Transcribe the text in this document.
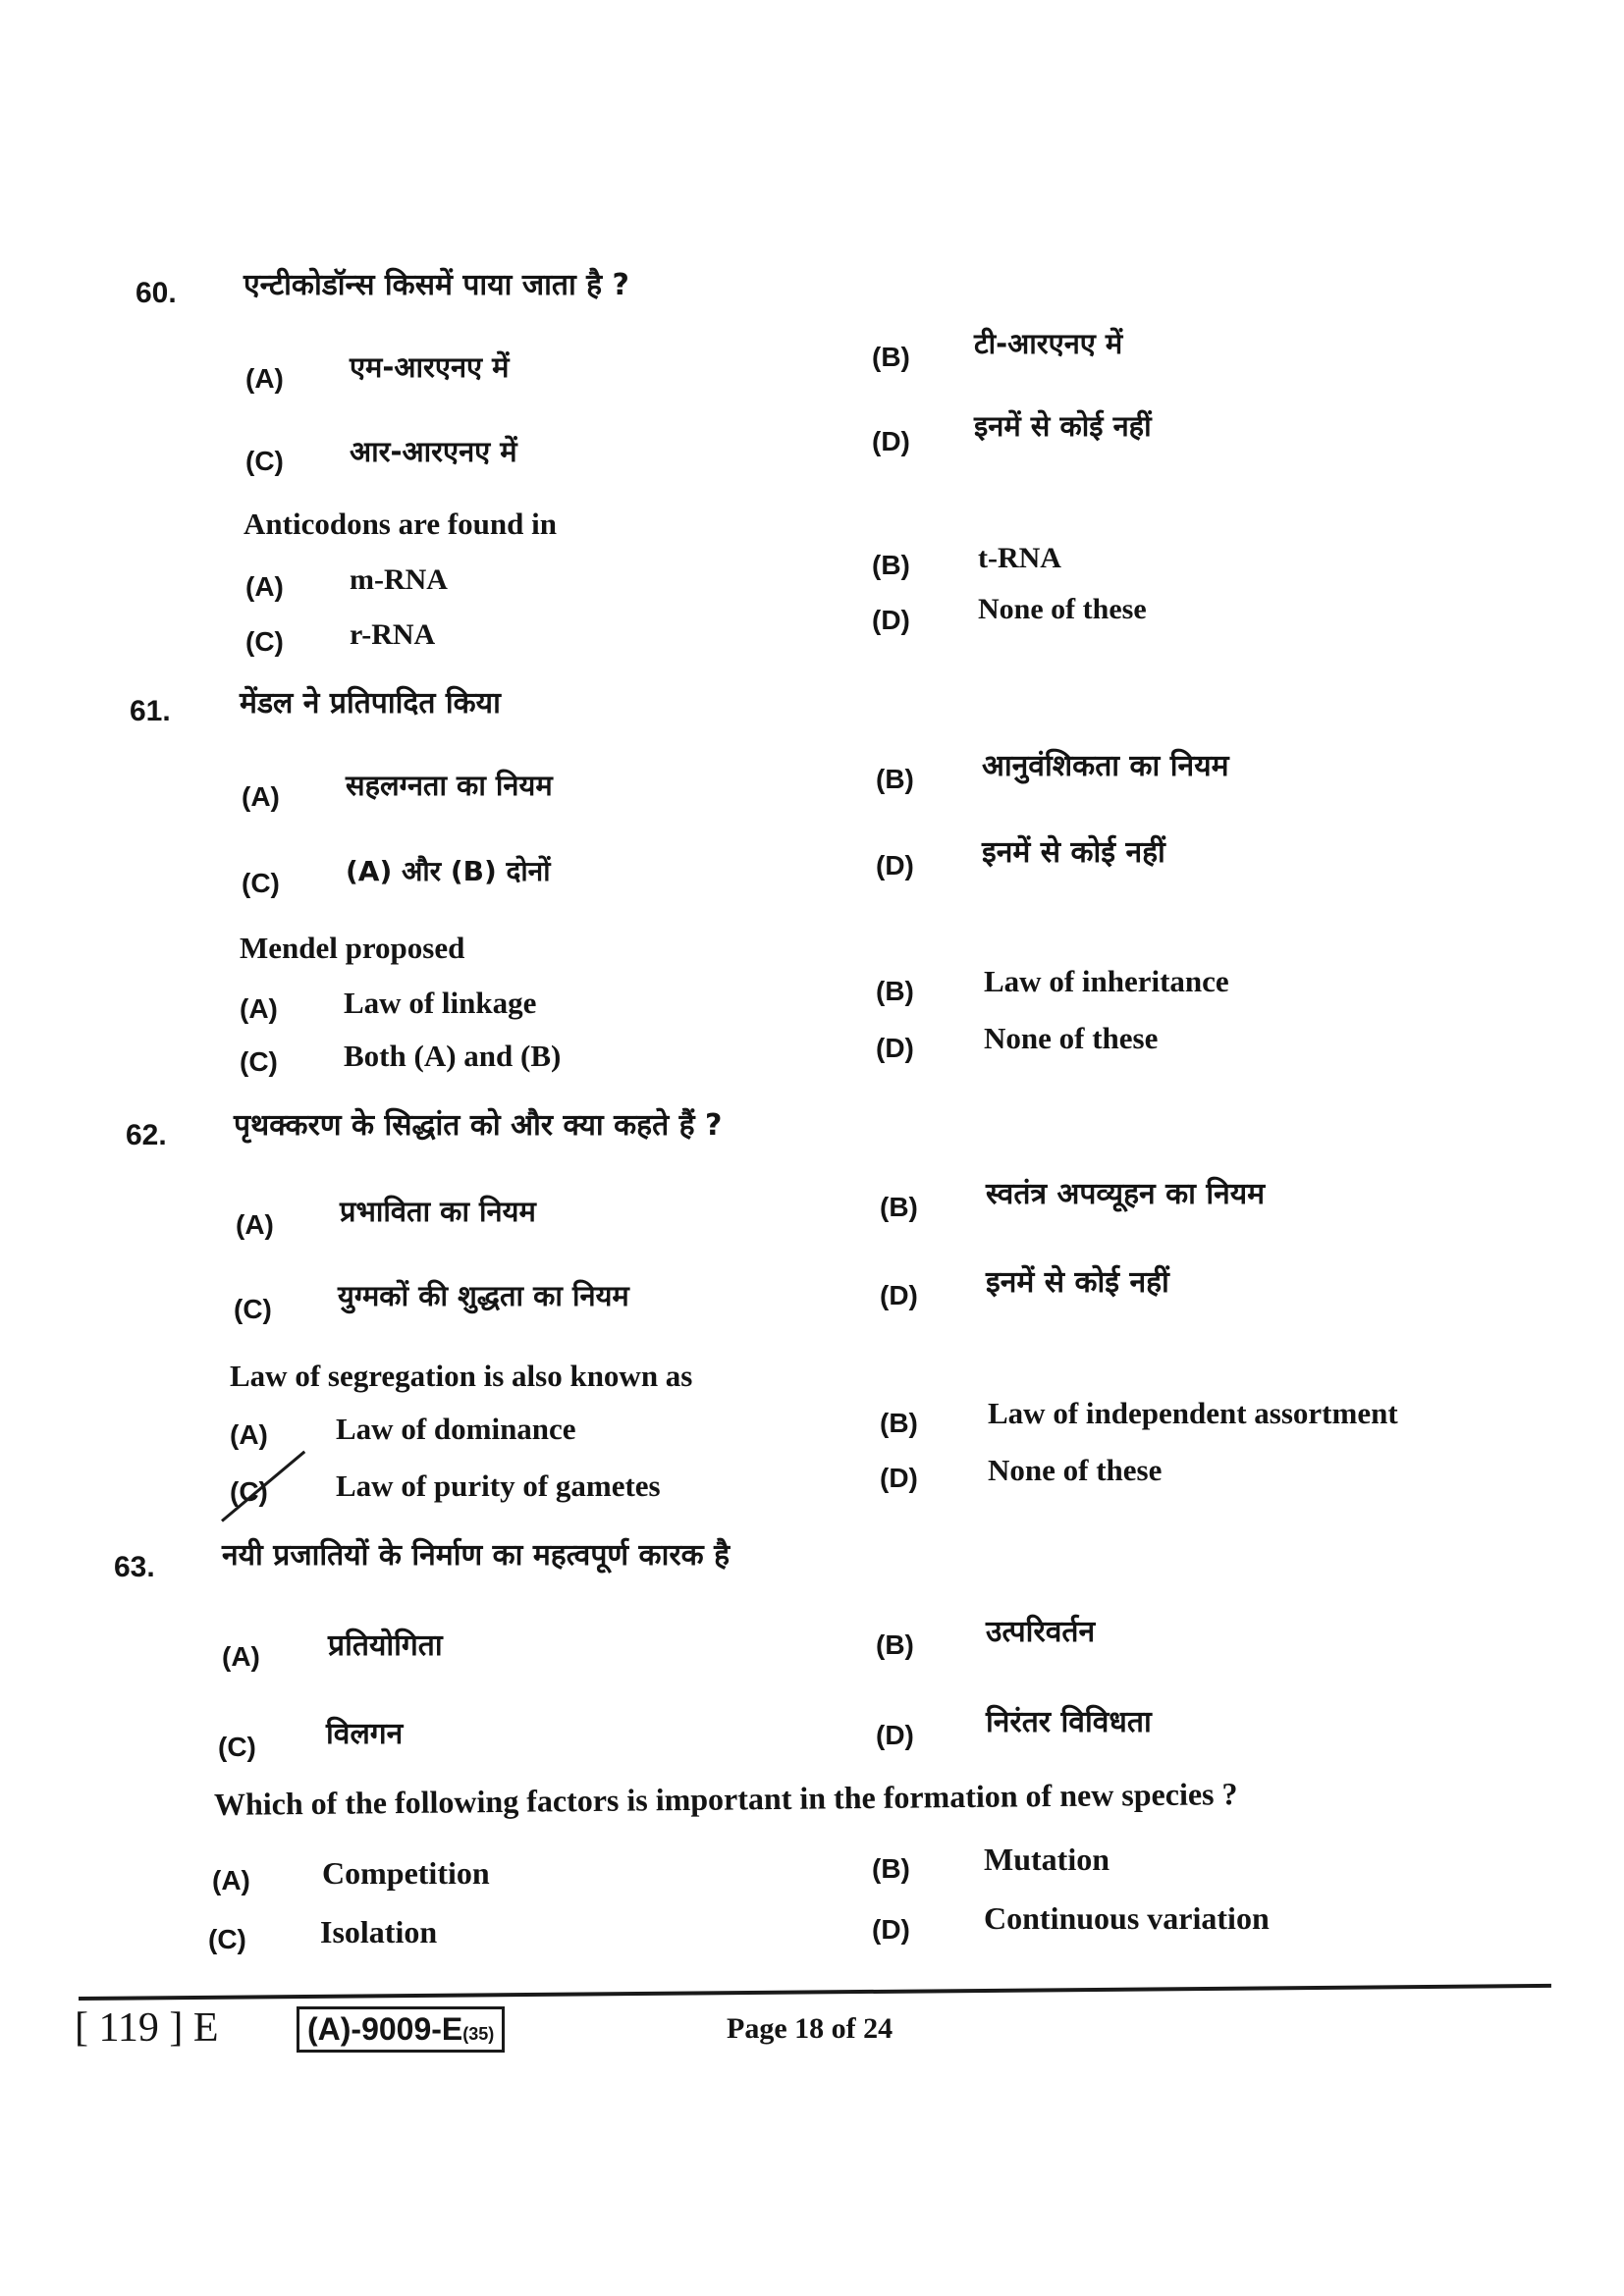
60. एन्टीकोडॉन्स किसमें पाया जाता है ?
(A) एम-आरएनए में	(B) टी-आरएनए में
(C) आर-आरएनए में	(D) इनमें से कोई नहीं
Anticodons are found in
(A) m-RNA	(B) t-RNA
(C) r-RNA	(D) None of these
61. मेंडल ने प्रतिपादित किया
(A) सहलग्नता का नियम	(B) आनुवंशिकता का नियम
(C) (A) और (B) दोनों	(D) इनमें से कोई नहीं
Mendel proposed
(A) Law of linkage	(B) Law of inheritance
(C) Both (A) and (B)	(D) None of these
62. पृथक्करण के सिद्धांत को और क्या कहते हैं ?
(A) प्रभाविता का नियम	(B) स्वतंत्र अपव्यूहन का नियम
(C) युग्मकों की शुद्धता का नियम	(D) इनमें से कोई नहीं
Law of segregation is also known as
(A) Law of dominance	(B) Law of independent assortment
(C) Law of purity of gametes	(D) None of these
63. नयी प्रजातियों के निर्माण का महत्वपूर्ण कारक है
(A) प्रतियोगिता	(B) उत्परिवर्तन
(C) विलगन	(D) निरंतर विविधता
Which of the following factors is important in the formation of new species ?
(A) Competition	(B) Mutation
(C) Isolation	(D) Continuous variation
[ 119 ] E	(A)-9009-E(35)	Page 18 of 24
